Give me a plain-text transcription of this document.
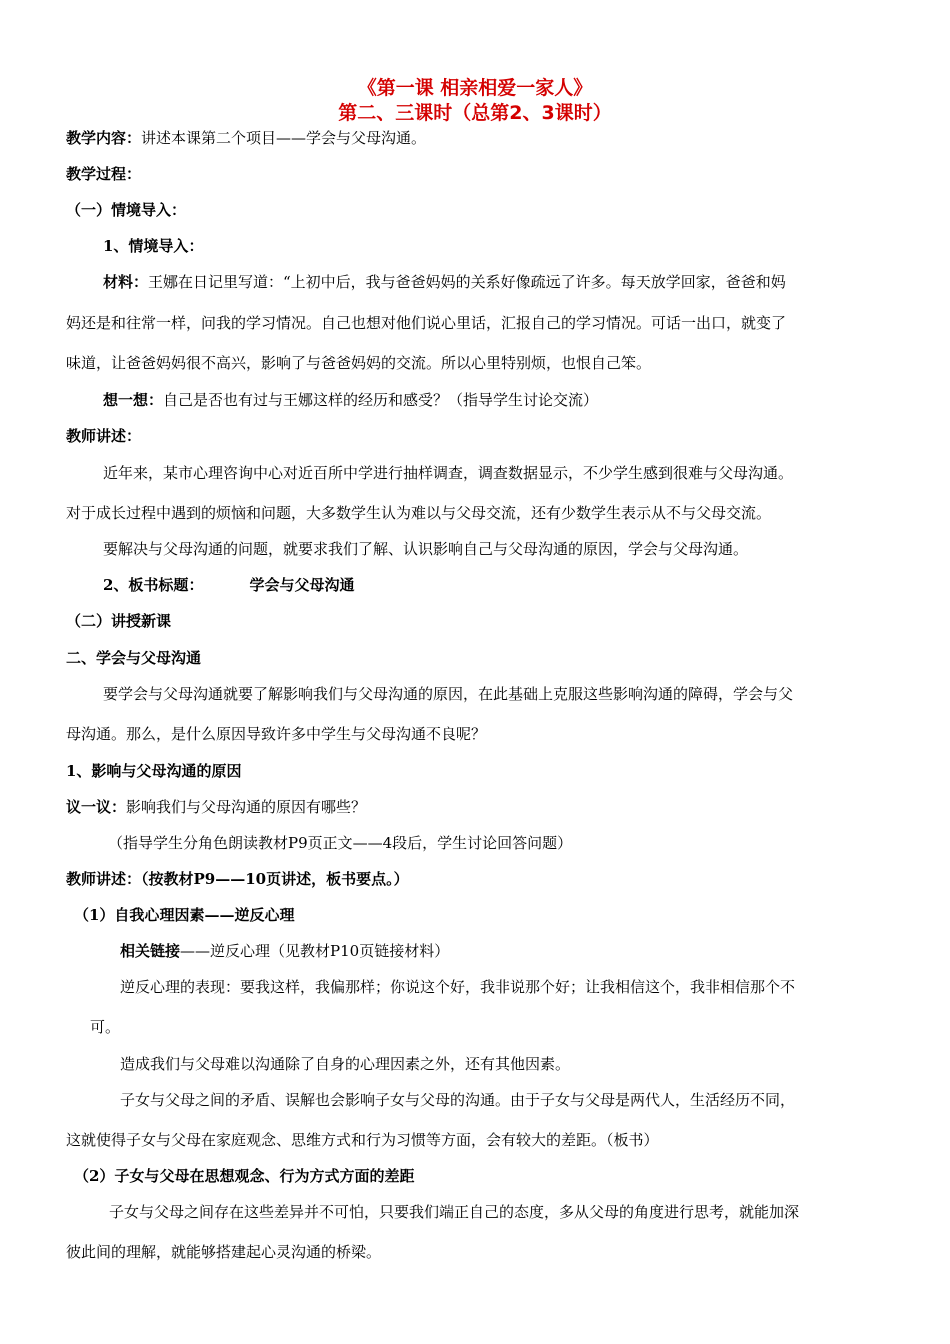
《第一课 相亲相爱一家人》
第二、三课时（总第2、3课时）
教学内容：讲述本课第二个项目——学会与父母沟通。
教学过程：
（一）情境导入：
1、情境导入：
材料：王娜在日记里写道：“上初中后，我与爸爸妈妈的关系好像疏远了许多。每天放学回家，爸爸和妈
妈还是和往常一样，问我的学习情况。自己也想对他们说心里话，汇报自己的学习情况。可话一出口，就变了
味道，让爸爸妈妈很不高兴，影响了与爸爸妈妈的交流。所以心里特别烦，也恨自己笨。
想一想：自己是否也有过与王娜这样的经历和感受？（指导学生讨论交流）
教师讲述：
近年来，某市心理咨询中心对近百所中学进行抽样调查，调查数据显示，不少学生感到很难与父母沟通。
对于成长过程中遇到的烦恼和问题，大多数学生认为难以与父母交流，还有少数学生表示从不与父母交流。
要解决与父母沟通的问题，就要求我们了解、认识影响自己与父母沟通的原因，学会与父母沟通。
2、板书标题：	学会与父母沟通
（二）讲授新课
二、学会与父母沟通
要学会与父母沟通就要了解影响我们与父母沟通的原因，在此基础上克服这些影响沟通的障碍，学会与父
母沟通。那么，是什么原因导致许多中学生与父母沟通不良呢？
1、影响与父母沟通的原因
议一议：影响我们与父母沟通的原因有哪些？
（指导学生分角色朗读教材P9页正文——4段后，学生讨论回答问题）
教师讲述：（按教材P9——10页讲述，板书要点。）
（1）自我心理因素——逆反心理
相关链接——逆反心理（见教材P10页链接材料）
逆反心理的表现：要我这样，我偏那样；你说这个好，我非说那个好；让我相信这个，我非相信那个不
可。
造成我们与父母难以沟通除了自身的心理因素之外，还有其他因素。
子女与父母之间的矛盾、误解也会影响子女与父母的沟通。由于子女与父母是两代人，生活经历不同，
这就使得子女与父母在家庭观念、思维方式和行为习惯等方面，会有较大的差距。（板书）
（2）子女与父母在思想观念、行为方式方面的差距
子女与父母之间存在这些差异并不可怕，只要我们端正自己的态度，多从父母的角度进行思考，就能加深
彼此间的理解，就能够搭建起心灵沟通的桥梁。
